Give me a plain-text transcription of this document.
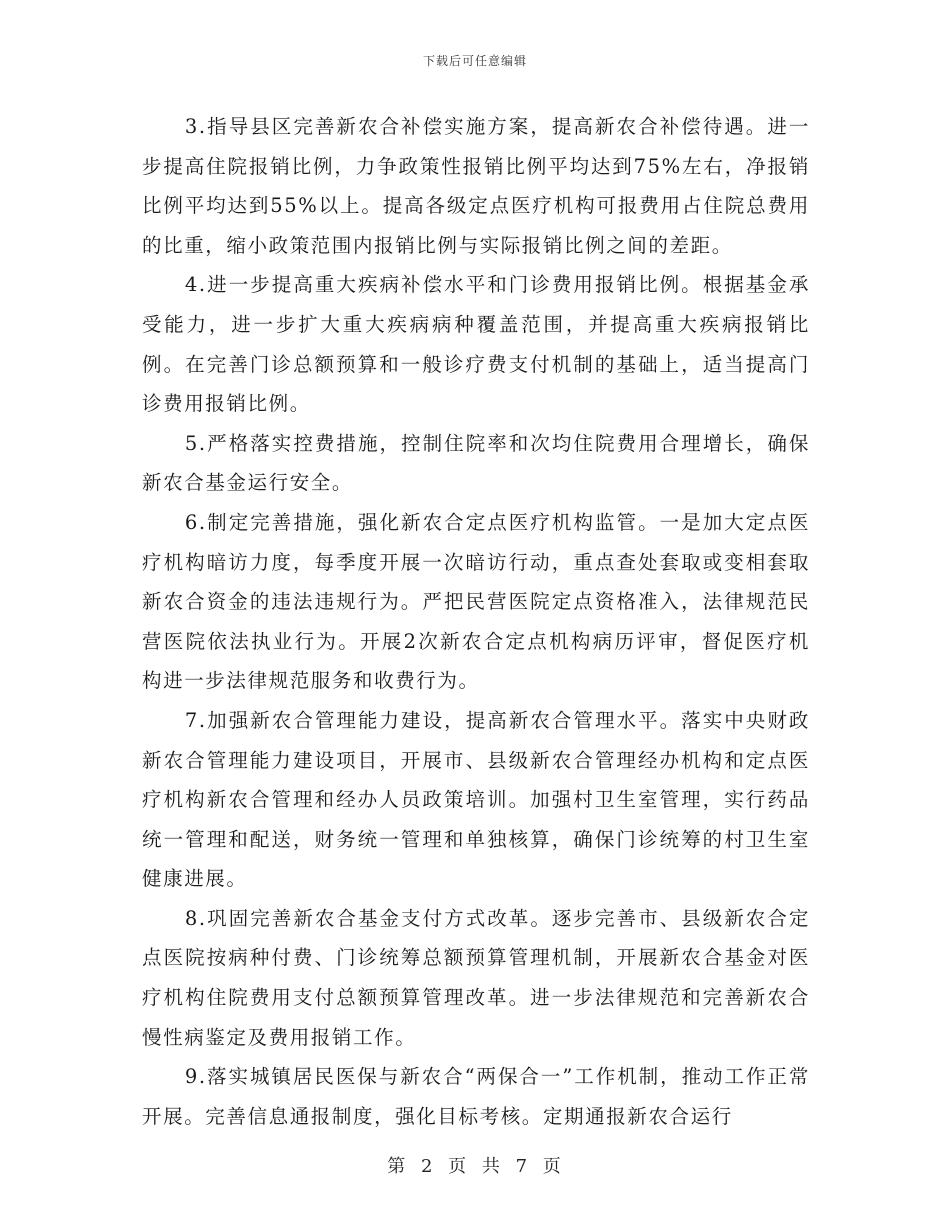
下载后可任意编辑

3.指导县区完善新农合补偿实施方案，提高新农合补偿待遇。进一步提高住院报销比例，力争政策性报销比例平均达到75%左右，净报销比例平均达到55%以上。提高各级定点医疗机构可报费用占住院总费用的比重，缩小政策范围内报销比例与实际报销比例之间的差距。

4.进一步提高重大疾病补偿水平和门诊费用报销比例。根据基金承受能力，进一步扩大重大疾病病种覆盖范围，并提高重大疾病报销比例。在完善门诊总额预算和一般诊疗费支付机制的基础上，适当提高门诊费用报销比例。

5.严格落实控费措施，控制住院率和次均住院费用合理增长，确保新农合基金运行安全。

6.制定完善措施，强化新农合定点医疗机构监管。一是加大定点医疗机构暗访力度，每季度开展一次暗访行动，重点查处套取或变相套取新农合资金的违法违规行为。严把民营医院定点资格准入，法律规范民营医院依法执业行为。开展2次新农合定点机构病历评审，督促医疗机构进一步法律规范服务和收费行为。

7.加强新农合管理能力建设，提高新农合管理水平。落实中央财政新农合管理能力建设项目，开展市、县级新农合管理经办机构和定点医疗机构新农合管理和经办人员政策培训。加强村卫生室管理，实行药品统一管理和配送，财务统一管理和单独核算，确保门诊统筹的村卫生室健康进展。

8.巩固完善新农合基金支付方式改革。逐步完善市、县级新农合定点医院按病种付费、门诊统筹总额预算管理机制，开展新农合基金对医疗机构住院费用支付总额预算管理改革。进一步法律规范和完善新农合慢性病鉴定及费用报销工作。

9.落实城镇居民医保与新农合“两保合一”工作机制，推动工作正常开展。完善信息通报制度，强化目标考核。定期通报新农合运行

第 2 页 共 7 页
